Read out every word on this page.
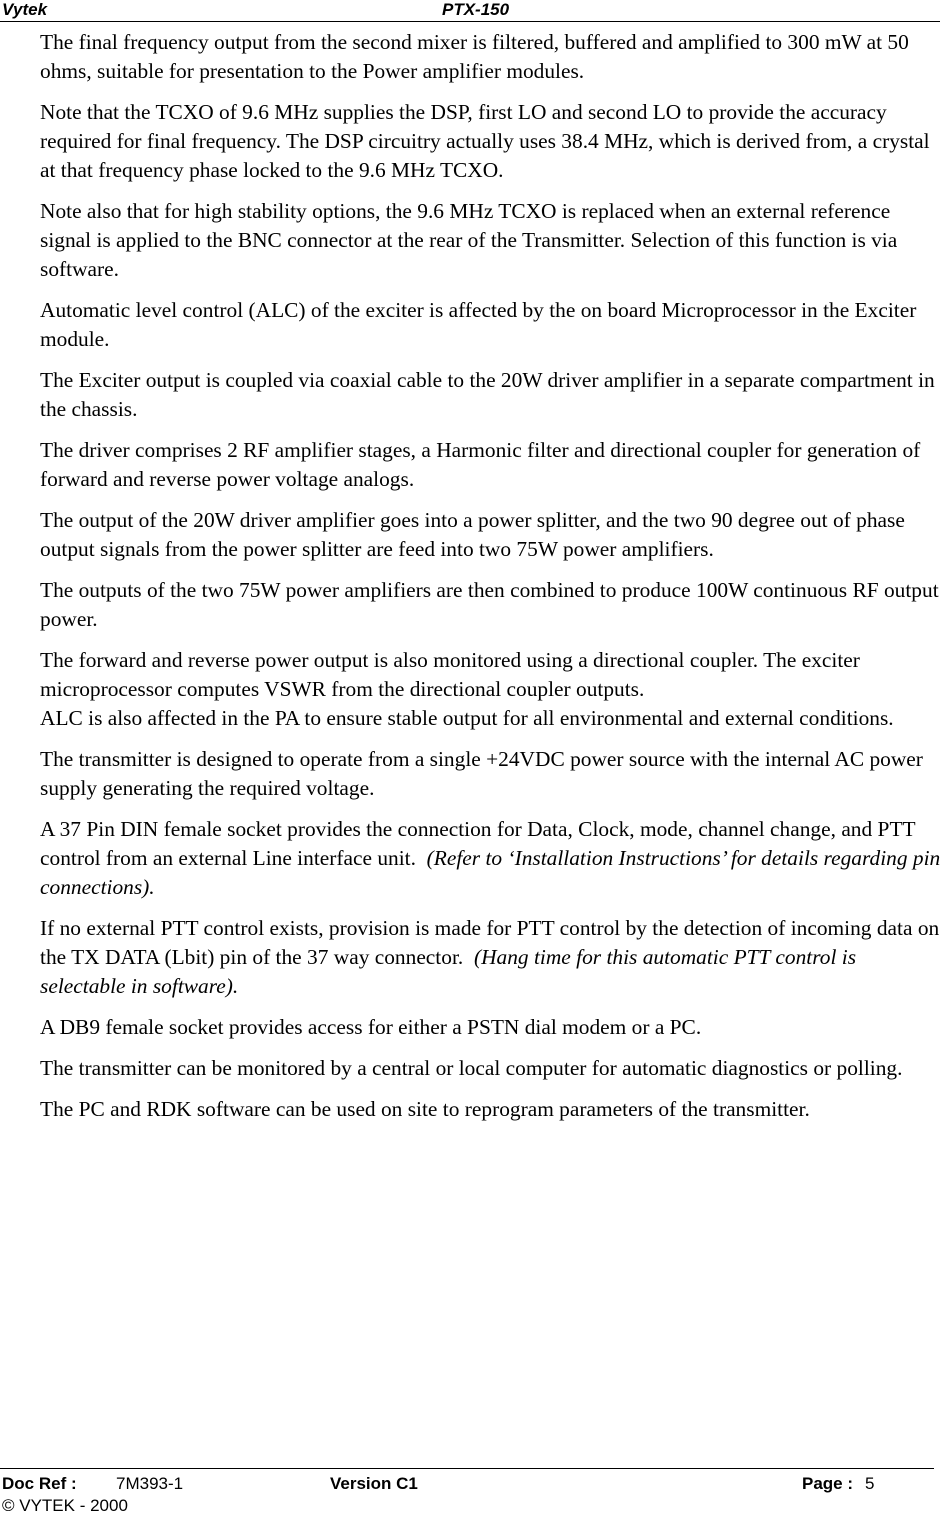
Vytek	PTX-150

The final frequency output from the second mixer is filtered, buffered and amplified to 300 mW at 50 ohms, suitable for presentation to the Power amplifier modules.

Note that the TCXO of 9.6 MHz supplies the DSP, first LO and second LO to provide the accuracy required for final frequency. The DSP circuitry actually uses 38.4 MHz, which is derived from, a crystal at that frequency phase locked to the 9.6 MHz TCXO.

Note also that for high stability options, the 9.6 MHz TCXO is replaced when an external reference signal is applied to the BNC connector at the rear of the Transmitter. Selection of this function is via software.

Automatic level control (ALC) of the exciter is affected by the on board Microprocessor in the Exciter module.

The Exciter output is coupled via coaxial cable to the 20W driver amplifier in a separate compartment in the chassis.

The driver comprises 2 RF amplifier stages, a Harmonic filter and directional coupler for generation of forward and reverse power voltage analogs.

The output of the 20W driver amplifier goes into a power splitter, and the two 90 degree out of phase output signals from the power splitter are feed into two 75W power amplifiers.

The outputs of the two 75W power amplifiers are then combined to produce 100W continuous RF output power.

The forward and reverse power output is also monitored using a directional coupler. The exciter microprocessor computes VSWR from the directional coupler outputs.
ALC is also affected in the PA to ensure stable output for all environmental and external conditions.

The transmitter is designed to operate from a single +24VDC power source with the internal AC power supply generating the required voltage.

A 37 Pin DIN female socket provides the connection for Data, Clock, mode, channel change, and PTT control from an external Line interface unit. (Refer to ‘Installation Instructions’ for details regarding pin connections).

If no external PTT control exists, provision is made for PTT control by the detection of incoming data on the TX DATA (Lbit) pin of the 37 way connector. (Hang time for this automatic PTT control is selectable in software).

A DB9 female socket provides access for either a PSTN dial modem or a PC.

The transmitter can be monitored by a central or local computer for automatic diagnostics or polling.

The PC and RDK software can be used on site to reprogram parameters of the transmitter.

Doc Ref : 7M393-1	Version C1	Page : 5
© VYTEK - 2000
